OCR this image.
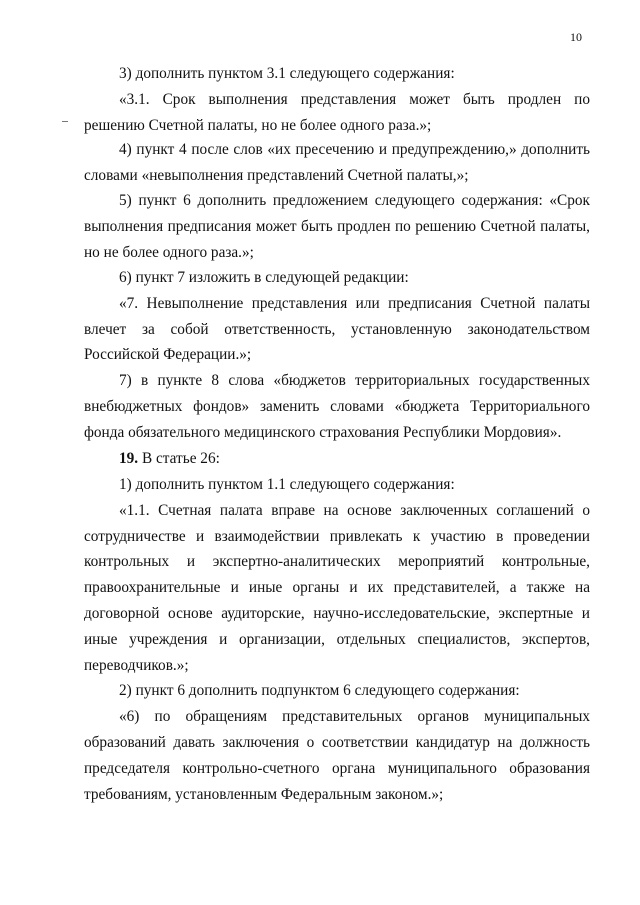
10
3) дополнить пунктом 3.1 следующего содержания:
«3.1. Срок выполнения представления может быть продлен по
решению Счетной палаты, но не более одного раза.»;
4) пункт 4 после слов «их пресечению и предупреждению,» дополнить
словами «невыполнения представлений Счетной палаты,»;
5) пункт 6 дополнить предложением следующего содержания: «Срок
выполнения предписания может быть продлен по решению Счетной палаты,
но не более одного раза.»;
6) пункт 7 изложить в следующей редакции:
«7. Невыполнение представления или предписания Счетной палаты
влечет за собой ответственность, установленную законодательством
Российской Федерации.»;
7) в пункте 8 слова «бюджетов территориальных государственных
внебюджетных фондов» заменить словами «бюджета Территориального
фонда обязательного медицинского страхования Республики Мордовия».
1) дополнить пунктом 1.1 следующего содержания:
«1.1. Счетная палата вправе на основе заключенных соглашений о
сотрудничестве и взаимодействии привлекать к участию в проведении
контрольных и экспертно-аналитических мероприятий контрольные,
правоохранительные и иные органы и их представителей, а также на
договорной основе аудиторские, научно-исследовательские, экспертные и
иные учреждения и организации, отдельных специалистов, экспертов,
переводчиков.»;
2) пункт 6 дополнить подпунктом 6 следующего содержания:
«6) по обращениям представительных органов муниципальных
образований давать заключения о соответствии кандидатур на должность
председателя контрольно-счетного органа муниципального образования
требованиям, установленным Федеральным законом.»;
19. В статье 26:
